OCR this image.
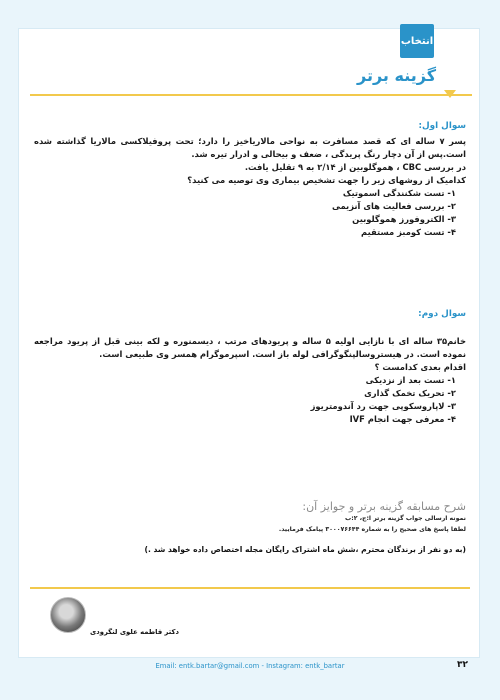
انتخاب
گزینه برتر
سوال اول:
پسر ۷ ساله ای که قصد مسافرت به نواحی مالاریاخیز را دارد؛ تحت پروفیلاکسی مالاریا گذاشته شده است.پس از آن دچار رنگ پریدگی ، ضعف و بیحالی و ادرار تیره شد.
در بررسی CBC ، هموگلوبین از ۲/۱۴ به ۹ تقلیل یافت.
کدامیک از روشهای زیر را جهت تشخیص بیماری وی توصیه می کنید؟
۱- تست شکنندگی اسموتیک
۲- بررسی فعالیت های آنزیمی
۳- الکتروفورز هموگلوبین
۴- تست کومبز مستقیم
سوال دوم:
خانم۳۵ ساله ای با نازایی اولیه ۵ ساله و پریودهای مرتب ، دیسمنوره و لکه بینی قبل از پریود مراجعه نموده است. در هیستروسالپنگوگرافی لوله باز است. اسپرموگرام همسر وی طبیعی است.
اقدام بعدی کدامست ؟
۱- تست بعد از نزدیکی
۲- تحریک تخمک گذاری
۳- لاپاروسکوپی جهت رد آندومتریوز
۴- معرفی جهت انجام IVF
شرح مسابقه گزینه برتر و جوایز آن:
نمونه ارسالی جواب گزینه برتر ا:ج، ۲:ب
لطفا پاسخ های صحیح را به شماره ۳۰۰۰۷۶۶۴۴ پیامک فرمایید.
(به دو نفر از برندگان محترم ،شش ماه اشتراک رایگان مجله اختصاص داده خواهد شد .)
دکتر فاطمه علوی لنگرودی
Email: entk.bartar@gmail.com - Instagram: entk_bartar	۳۲
